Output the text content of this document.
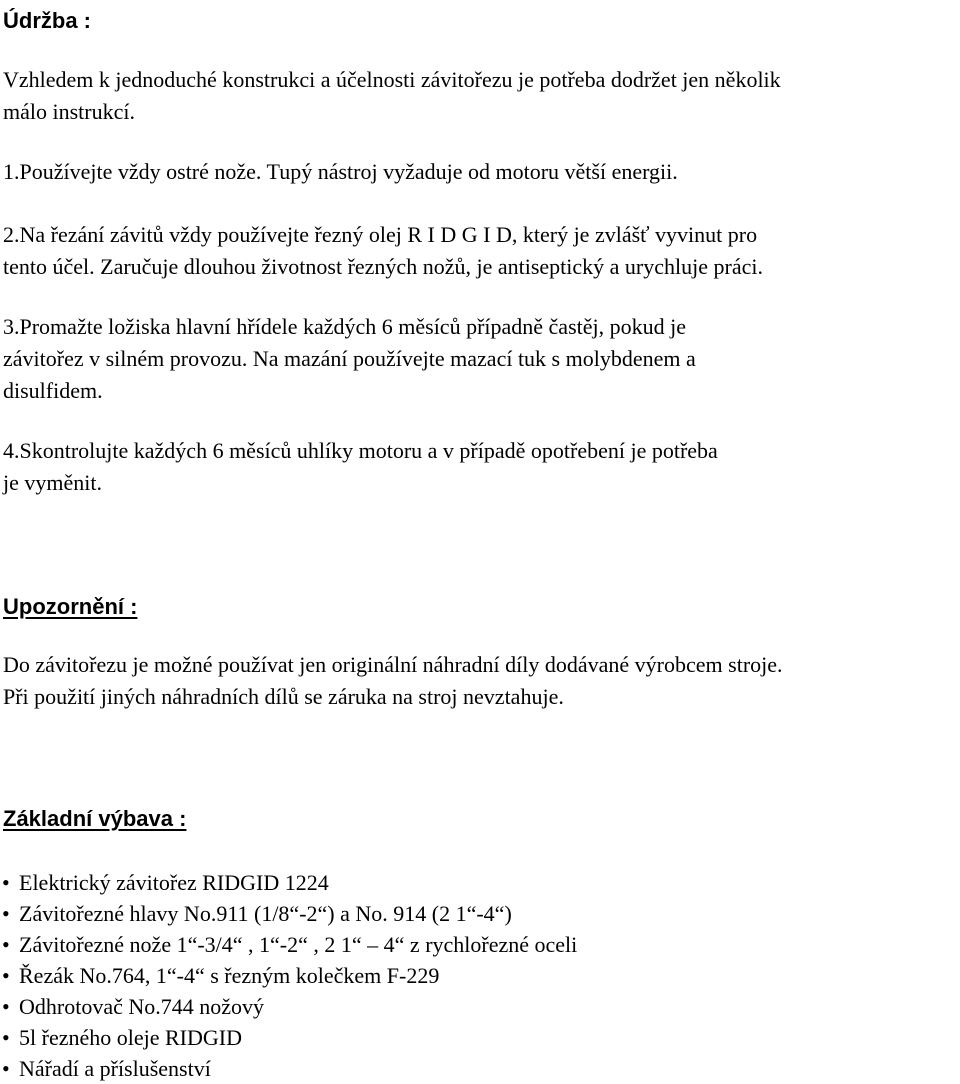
Údržba :

Vzhledem k jednoduché konstrukci a účelnosti závitořezu je potřeba dodržet jen několik
málo instrukcí.

1.Používejte vždy ostré nože. Tupý nástroj vyžaduje od motoru větší energii.

2.Na řezání závitů vždy používejte řezný olej R I D G I D, který je zvlášť vyvinut pro
tento účel. Zaručuje dlouhou životnost řezných nožů, je antiseptický a urychluje práci.

3.Promažte ložiska hlavní hřídele každých 6 měsíců případně častěj, pokud je
závitořez v silném provozu. Na mazání používejte mazací tuk s molybdenem a
disulfidem.

4.Skontrolujte každých 6 měsíců uhlíky motoru a v případě opotřebení je potřeba
je vyměnit.

Upozornění :

Do závitořezu je možné používat jen originální náhradní díly dodávané výrobcem stroje.
Při použití jiných náhradních dílů se záruka na stroj nevztahuje.

Základní výbava :
• Elektrický závitořez RIDGID 1224
• Závitořezné hlavy No.911 (1/8“-2“) a No. 914 (2 1“-4“)
• Závitořezné nože 1“-3/4“ , 1“-2“ , 2 1“ – 4“ z rychlořezné oceli
• Řezák No.764, 1“-4“ s řezným kolečkem F-229
• Odhrotovač No.744 nožový
• 5l řezného oleje RIDGID
• Nářadí a příslušenství
